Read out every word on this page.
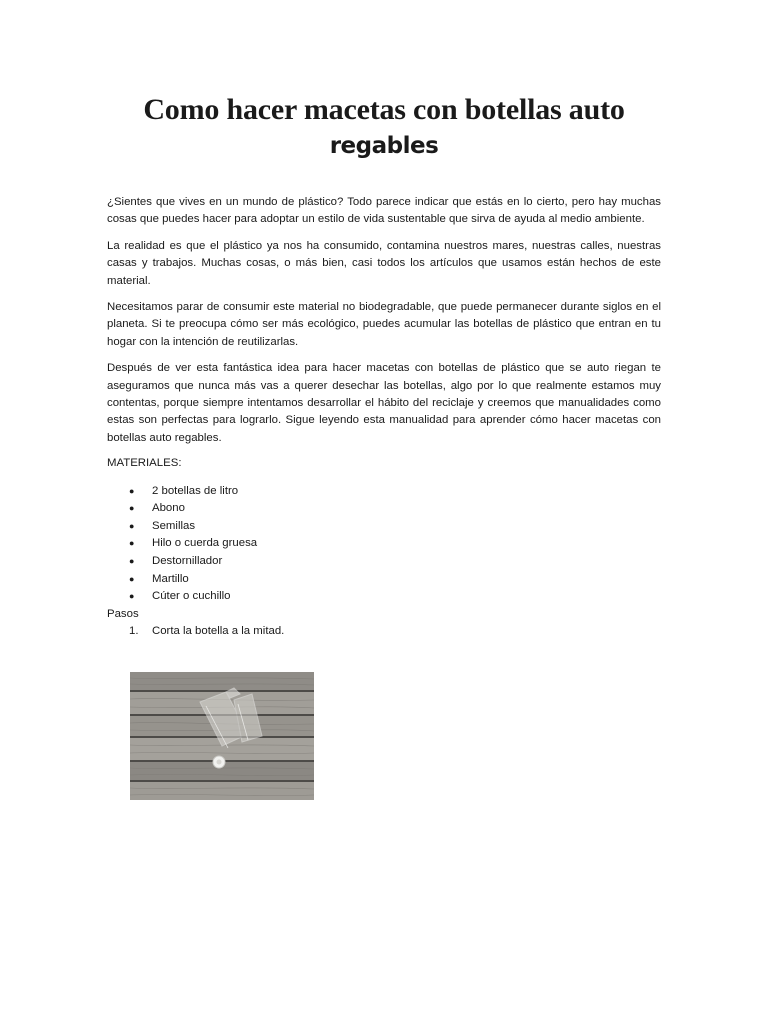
Como hacer macetas con botellas auto
regables

¿Sientes que vives en un mundo de plástico? Todo parece indicar que estás en lo cierto, pero hay muchas cosas que puedes hacer para adoptar un estilo de vida sustentable que sirva de ayuda al medio ambiente.

La realidad es que el plástico ya nos ha consumido, contamina nuestros mares, nuestras calles, nuestras casas y trabajos. Muchas cosas, o más bien, casi todos los artículos que usamos están hechos de este material.

Necesitamos parar de consumir este material no biodegradable, que puede permanecer durante siglos en el planeta. Si te preocupa cómo ser más ecológico, puedes acumular las botellas de plástico que entran en tu hogar con la intención de reutilizarlas.

Después de ver esta fantástica idea para hacer macetas con botellas de plástico que se auto riegan te aseguramos que nunca más vas a querer desechar las botellas, algo por lo que realmente estamos muy contentas, porque siempre intentamos desarrollar el hábito del reciclaje y creemos que manualidades como estas son perfectas para lograrlo. Sigue leyendo esta manualidad para aprender cómo hacer macetas con botellas auto regables.

MATERIALES:

● 2 botellas de litro
● Abono
● Semillas
● Hilo o cuerda gruesa
● Destornillador
● Martillo
● Cúter o cuchillo

Pasos

1. Corta la botella a la mitad.
